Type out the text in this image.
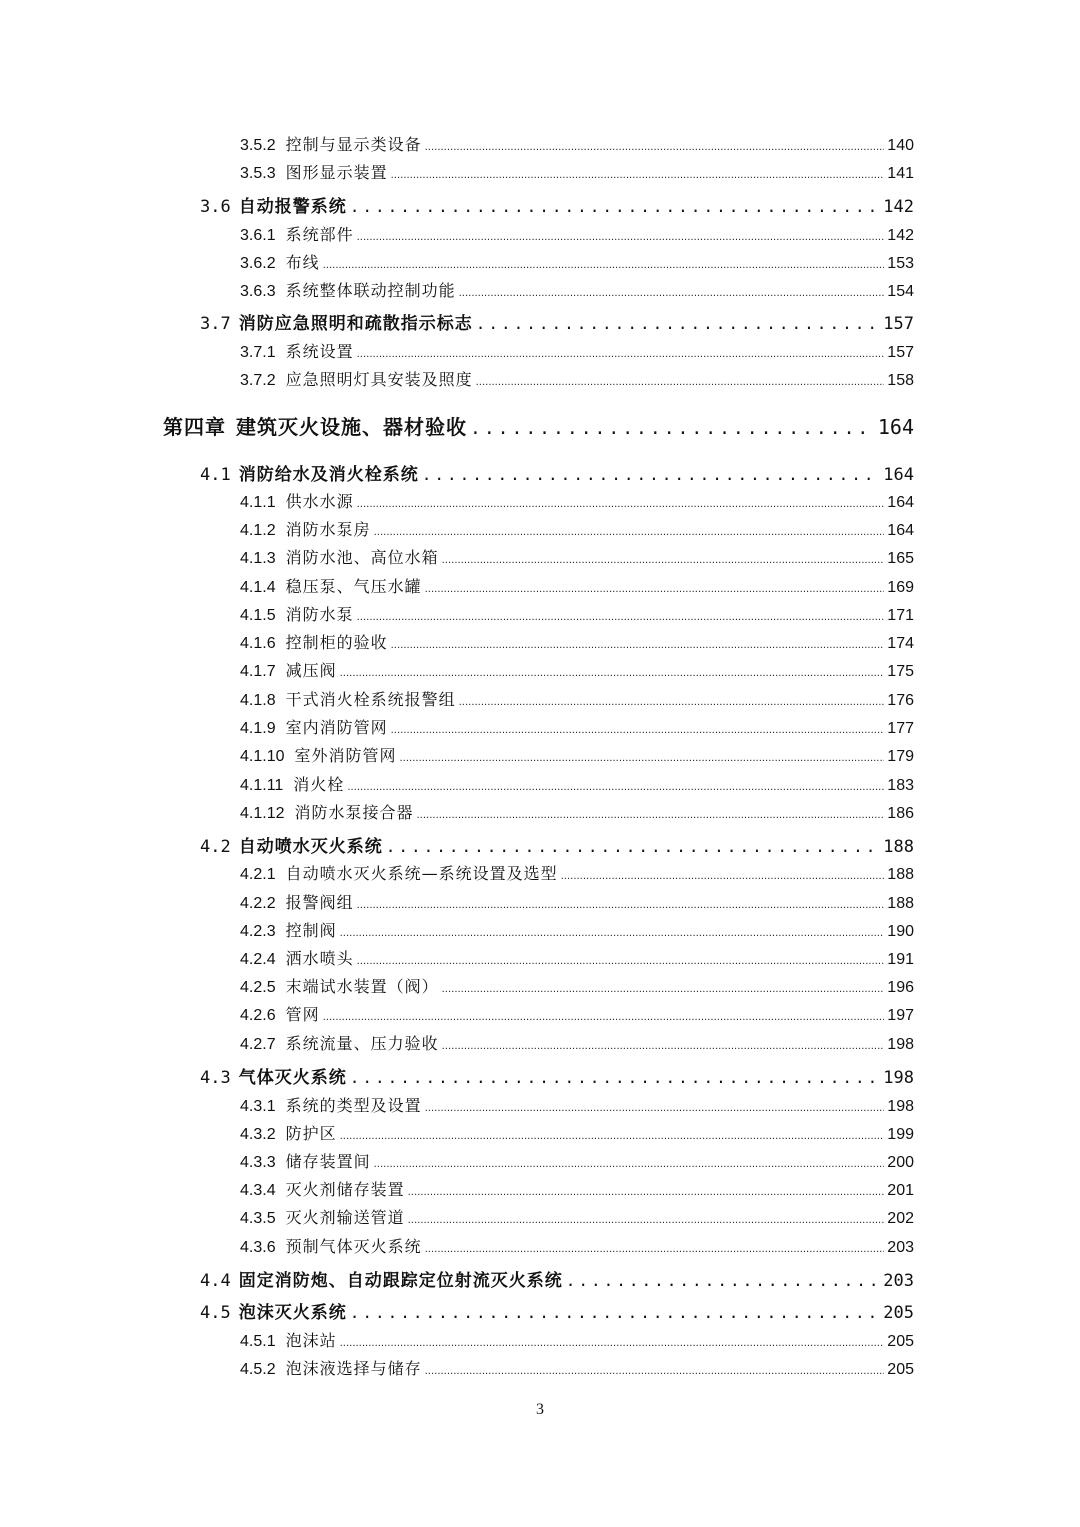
3.5.2 控制与显示类设备 .....	140
3.5.3 图形显示装置 .....	141
3.6 自动报警系统 .....	142
3.6.1 系统部件 .....	142
3.6.2 布线 .....	153
3.6.3 系统整体联动控制功能 .....	154
3.7 消防应急照明和疏散指示标志 .....	157
3.7.1 系统设置 .....	157
3.7.2 应急照明灯具安装及照度 .....	158
第四章 建筑灭火设施、器材验收 .....	164
4.1 消防给水及消火栓系统 .....	164
4.1.1 供水水源 .....	164
4.1.2 消防水泵房 .....	164
4.1.3 消防水池、高位水箱 .....	165
4.1.4 稳压泵、气压水罐 .....	169
4.1.5 消防水泵 .....	171
4.1.6 控制柜的验收 .....	174
4.1.7 减压阀 .....	175
4.1.8 干式消火栓系统报警组 .....	176
4.1.9 室内消防管网 .....	177
4.1.10 室外消防管网 .....	179
4.1.11 消火栓 .....	183
4.1.12 消防水泵接合器 .....	186
4.2 自动喷水灭火系统 .....	188
4.2.1 自动喷水灭火系统—系统设置及选型 .....	188
4.2.2 报警阀组 .....	188
4.2.3 控制阀 .....	190
4.2.4 洒水喷头 .....	191
4.2.5 末端试水装置（阀） .....	196
4.2.6 管网 .....	197
4.2.7 系统流量、压力验收 .....	198
4.3 气体灭火系统 .....	198
4.3.1 系统的类型及设置 .....	198
4.3.2 防护区 .....	199
4.3.3 储存装置间 .....	200
4.3.4 灭火剂储存装置 .....	201
4.3.5 灭火剂输送管道 .....	202
4.3.6 预制气体灭火系统 .....	203
4.4 固定消防炮、自动跟踪定位射流灭火系统 .....	203
4.5 泡沫灭火系统 .....	205
4.5.1 泡沫站 .....	205
4.5.2 泡沫液选择与储存 .....	205
3
